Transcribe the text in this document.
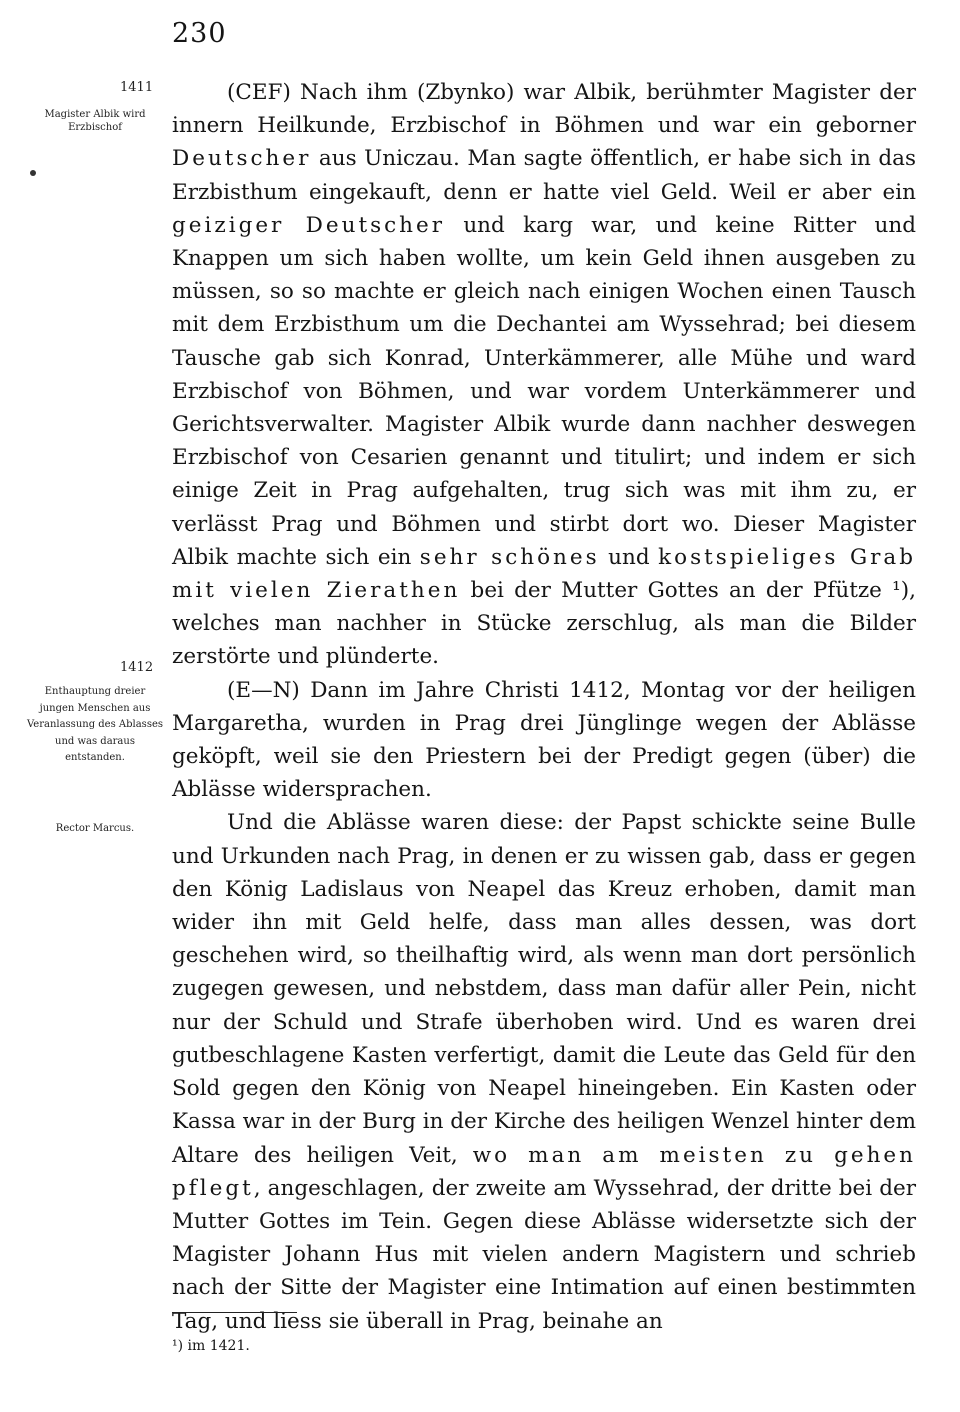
230
1411
Magister Albik wird Erzbischof
1412
Enthauptung dreier jungen Menschen aus Veranlassung des Ablasses und was daraus entstanden.
Rector Marcus.

(CEF) Nach ihm (Zbynko) war Albik, berühmter Magister der innern Heilkunde, Erzbischof in Böhmen und war ein geborner Deutscher aus Uniczau. Man sagte öffentlich, er habe sich in das Erzbisthum eingekauft, denn er hatte viel Geld. Weil er aber ein geiziger Deutscher und karg war, und keine Ritter und Knappen um sich haben wollte, um kein Geld ihnen ausgeben zu müssen, so so machte er gleich nach einigen Wochen einen Tausch mit dem Erzbisthum um die Dechantei am Wyssehrad; bei diesem Tausche gab sich Konrad, Unterkämmerer, alle Mühe und ward Erzbischof von Böhmen, und war vordem Unterkämmerer und Gerichtsverwalter. Magister Albik wurde dann nachher deswegen Erzbischof von Cesarien genannt und titulirt; und indem er sich einige Zeit in Prag aufgehalten, trug sich was mit ihm zu, er verlässt Prag und Böhmen und stirbt dort wo. Dieser Magister Albik machte sich ein sehr schönes und kostspieliges Grab mit vielen Zierathen bei der Mutter Gottes an der Pfütze ¹), welches man nachher in Stücke zerschlug, als man die Bilder zerstörte und plünderte.

(E—N) Dann im Jahre Christi 1412, Montag vor der heiligen Margaretha, wurden in Prag drei Jünglinge wegen der Ablässe geköpft, weil sie den Priestern bei der Predigt gegen (über) die Ablässe widersprachen.

Und die Ablässe waren diese: der Papst schickte seine Bulle und Urkunden nach Prag, in denen er zu wissen gab, dass er gegen den König Ladislaus von Neapel das Kreuz erhoben, damit man wider ihn mit Geld helfe, dass man alles dessen, was dort geschehen wird, so theilhaftig wird, als wenn man dort persönlich zugegen gewesen, und nebstdem, dass man dafür aller Pein, nicht nur der Schuld und Strafe überhoben wird. Und es waren drei gutbeschlagene Kasten verfertigt, damit die Leute das Geld für den Sold gegen den König von Neapel hineingeben. Ein Kasten oder Kassa war in der Burg in der Kirche des heiligen Wenzel hinter dem Altare des heiligen Veit, wo man am meisten zu gehen pflegt, angeschlagen, der zweite am Wyssehrad, der dritte bei der Mutter Gottes im Tein. Gegen diese Ablässe widersetzte sich der Magister Johann Hus mit vielen andern Magistern und schrieb nach der Sitte der Magister eine Intimation auf einen bestimmten Tag, und liess sie überall in Prag, beinahe an

¹) im 1421.
